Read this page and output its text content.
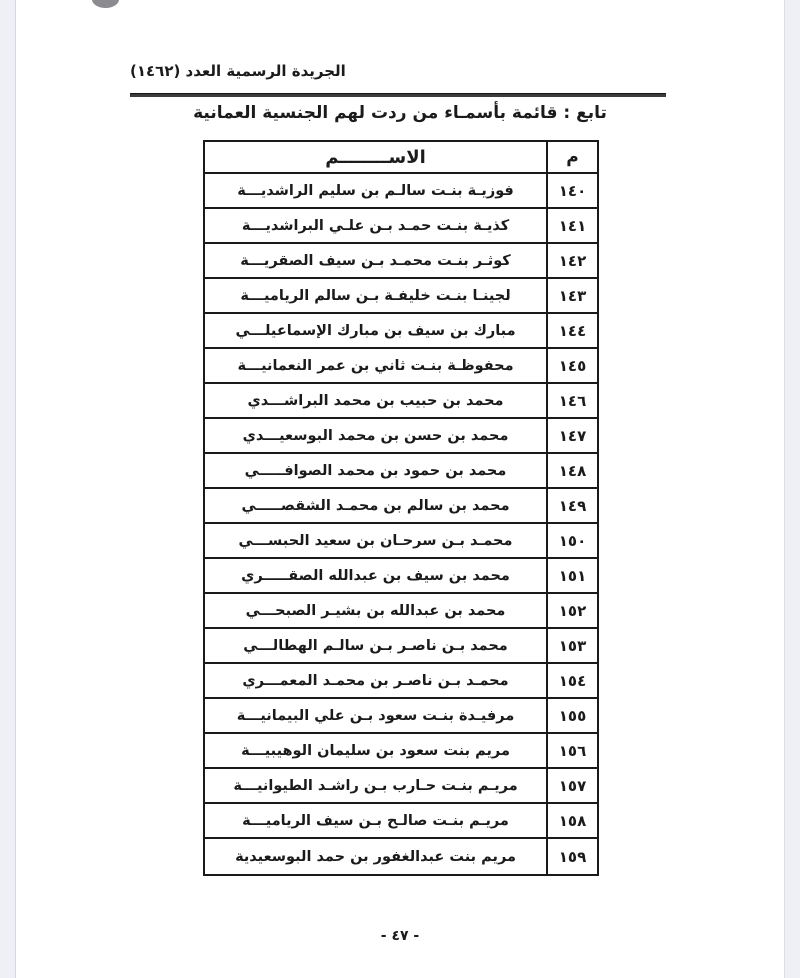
الجريدة الرسمية العدد (١٤٦٢)
تابع : قائمة بأسمـاء من ردت لهم الجنسية العمانية
م
الاســــــــم
١٤٠
فوزيـة بنـت سالـم بن سليم الراشديـــة
١٤١
كذيـة بنـت حمـد بـن علـي البراشديـــة
١٤٢
كوثـر بنـت محمـد بـن سيف الصقريـــة
١٤٣
لجينـا بنـت خليفـة بـن سالم الرياميـــة
١٤٤
مبارك بن سيف بن مبارك الإسماعيلـــي
١٤٥
محفوظـة بنـت ثاني بن عمر النعمانيـــة
١٤٦
محمد بن حبيب بن محمد البراشـــدي
١٤٧
محمد بن حسن بن محمد البوسعيـــدي
١٤٨
محمد بن حمود بن محمد الصوافـــــي
١٤٩
محمد بن سالم بن محمـد الشقصـــــي
١٥٠
محمـد بـن سرحـان بن سعيد الحبســـي
١٥١
محمد بن سيف بن عبدالله الصقـــــري
١٥٢
محمد بن عبدالله بن بشيـر الصبحـــي
١٥٣
محمد بـن ناصـر بـن سالـم الهطالـــي
١٥٤
محمـد بـن ناصـر بن محمـد المعمـــري
١٥٥
مرفيـدة بنـت سعود بـن علي البيمانيـــة
١٥٦
مريم بنت سعود بن سليمان الوهيبيـــة
١٥٧
مريـم بنـت حـارب بـن راشـد الطيوانيـــة
١٥٨
مريـم بنـت صالـح بـن سيف الرياميـــة
١٥٩
مريم بنت عبدالغفور بن حمد البوسعيدية
- ٤٧ -
